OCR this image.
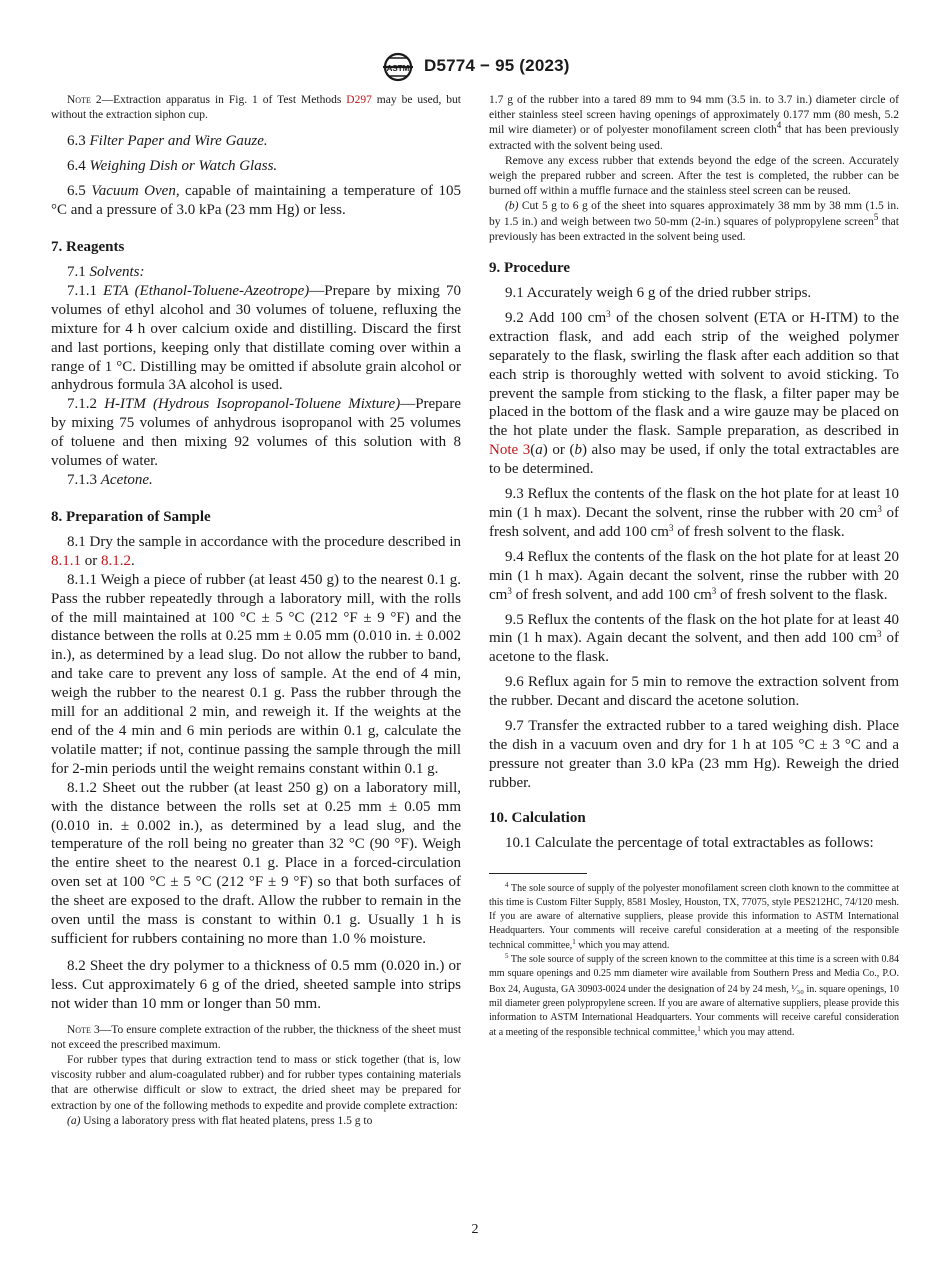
ASTM D5774 − 95 (2023)

Note 2—Extraction apparatus in Fig. 1 of Test Methods D297 may be used, but without the extraction siphon cup.

6.3 Filter Paper and Wire Gauze.

6.4 Weighing Dish or Watch Glass.

6.5 Vacuum Oven, capable of maintaining a temperature of 105 °C and a pressure of 3.0 kPa (23 mm Hg) or less.

7. Reagents

7.1 Solvents:

7.1.1 ETA (Ethanol-Toluene-Azeotrope)—Prepare by mixing 70 volumes of ethyl alcohol and 30 volumes of toluene, refluxing the mixture for 4 h over calcium oxide and distilling. Discard the first and last portions, keeping only that distillate coming over within a range of 1 °C. Distilling may be omitted if absolute grain alcohol or anhydrous formula 3A alcohol is used.

7.1.2 H-ITM (Hydrous Isopropanol-Toluene Mixture)—Prepare by mixing 75 volumes of anhydrous isopropanol with 25 volumes of toluene and then mixing 92 volumes of this solution with 8 volumes of water.

7.1.3 Acetone.

8. Preparation of Sample

8.1 Dry the sample in accordance with the procedure described in 8.1.1 or 8.1.2.

8.1.1 Weigh a piece of rubber (at least 450 g) to the nearest 0.1 g. Pass the rubber repeatedly through a laboratory mill, with the rolls of the mill maintained at 100 °C ± 5 °C (212 °F ± 9 °F) and the distance between the rolls at 0.25 mm ± 0.05 mm (0.010 in. ± 0.002 in.), as determined by a lead slug. Do not allow the rubber to band, and take care to prevent any loss of sample. At the end of 4 min, weigh the rubber to the nearest 0.1 g. Pass the rubber through the mill for an additional 2 min, and reweigh it. If the weights at the end of the 4 min and 6 min periods are within 0.1 g, calculate the volatile matter; if not, continue passing the sample through the mill for 2-min periods until the weight remains constant within 0.1 g.

8.1.2 Sheet out the rubber (at least 250 g) on a laboratory mill, with the distance between the rolls set at 0.25 mm ± 0.05 mm (0.010 in. ± 0.002 in.), as determined by a lead slug, and the temperature of the roll being no greater than 32 °C (90 °F). Weigh the entire sheet to the nearest 0.1 g. Place in a forced-circulation oven set at 100 °C ± 5 °C (212 °F ± 9 °F) so that both surfaces of the sheet are exposed to the draft. Allow the rubber to remain in the oven until the mass is constant to within 0.1 g. Usually 1 h is sufficient for rubbers containing no more than 1.0 % moisture.

8.2 Sheet the dry polymer to a thickness of 0.5 mm (0.020 in.) or less. Cut approximately 6 g of the dried, sheeted sample into strips not wider than 10 mm or longer than 50 mm.

Note 3—To ensure complete extraction of the rubber, the thickness of the sheet must not exceed the prescribed maximum.

For rubber types that during extraction tend to mass or stick together (that is, low viscosity rubber and alum-coagulated rubber) and for rubber types containing materials that are otherwise difficult or slow to extract, the dried sheet may be prepared for extraction by one of the following methods to expedite and provide complete extraction:

(a) Using a laboratory press with flat heated platens, press 1.5 g to

1.7 g of the rubber into a tared 89 mm to 94 mm (3.5 in. to 3.7 in.) diameter circle of either stainless steel screen having openings of approximately 0.177 mm (80 mesh, 5.2 mil wire diameter) or of polyester monofilament screen cloth$^4$ that has been previously extracted with the solvent being used.

Remove any excess rubber that extends beyond the edge of the screen. Accurately weigh the prepared rubber and screen. After the test is completed, the rubber can be burned off within a muffle furnace and the stainless steel screen can be reused.

(b) Cut 5 g to 6 g of the sheet into squares approximately 38 mm by 38 mm (1.5 in. by 1.5 in.) and weigh between two 50-mm (2-in.) squares of polypropylene screen$^5$ that previously has been extracted in the solvent being used.

9. Procedure

9.1 Accurately weigh 6 g of the dried rubber strips.

9.2 Add 100 $cm^3$ of the chosen solvent (ETA or H-ITM) to the extraction flask, and add each strip of the weighed polymer separately to the flask, swirling the flask after each addition so that each strip is thoroughly wetted with solvent to avoid sticking. To prevent the sample from sticking to the flask, a filter paper may be placed in the bottom of the flask and a wire gauze may be placed on the hot plate under the flask. Sample preparation, as described in Note 3(a) or (b) also may be used, if only the total extractables are to be determined.

9.3 Reflux the contents of the flask on the hot plate for at least 10 min (1 h max). Decant the solvent, rinse the rubber with 20 $cm^3$ of fresh solvent, and add 100 $cm^3$ of fresh solvent to the flask.

9.4 Reflux the contents of the flask on the hot plate for at least 20 min (1 h max). Again decant the solvent, rinse the rubber with 20 $cm^3$ of fresh solvent, and add 100 $cm^3$ of fresh solvent to the flask.

9.5 Reflux the contents of the flask on the hot plate for at least 40 min (1 h max). Again decant the solvent, and then add 100 $cm^3$ of acetone to the flask.

9.6 Reflux again for 5 min to remove the extraction solvent from the rubber. Decant and discard the acetone solution.

9.7 Transfer the extracted rubber to a tared weighing dish. Place the dish in a vacuum oven and dry for 1 h at 105 °C ± 3 °C and a pressure not greater than 3.0 kPa (23 mm Hg). Reweigh the dried rubber.

10. Calculation

10.1 Calculate the percentage of total extractables as follows:

$^4$ The sole source of supply of the polyester monofilament screen cloth known to the committee at this time is Custom Filter Supply, 8581 Mosley, Houston, TX, 77075, style PES212HC, 74/120 mesh. If you are aware of alternative suppliers, please provide this information to ASTM International Headquarters. Your comments will receive careful consideration at a meeting of the responsible technical committee,$^1$ which you may attend.

$^5$ The sole source of supply of the screen known to the committee at this time is a screen with 0.84 mm square openings and 0.25 mm diameter wire available from Southern Press and Media Co., P.O. Box 24, Augusta, GA 30903-0024 under the designation of 24 by 24 mesh, ¹⁄₃₀ in. square openings, 10 mil diameter green polypropylene screen. If you are aware of alternative suppliers, please provide this information to ASTM International Headquarters. Your comments will receive careful consideration at a meeting of the responsible technical committee,$^1$ which you may attend.

2
